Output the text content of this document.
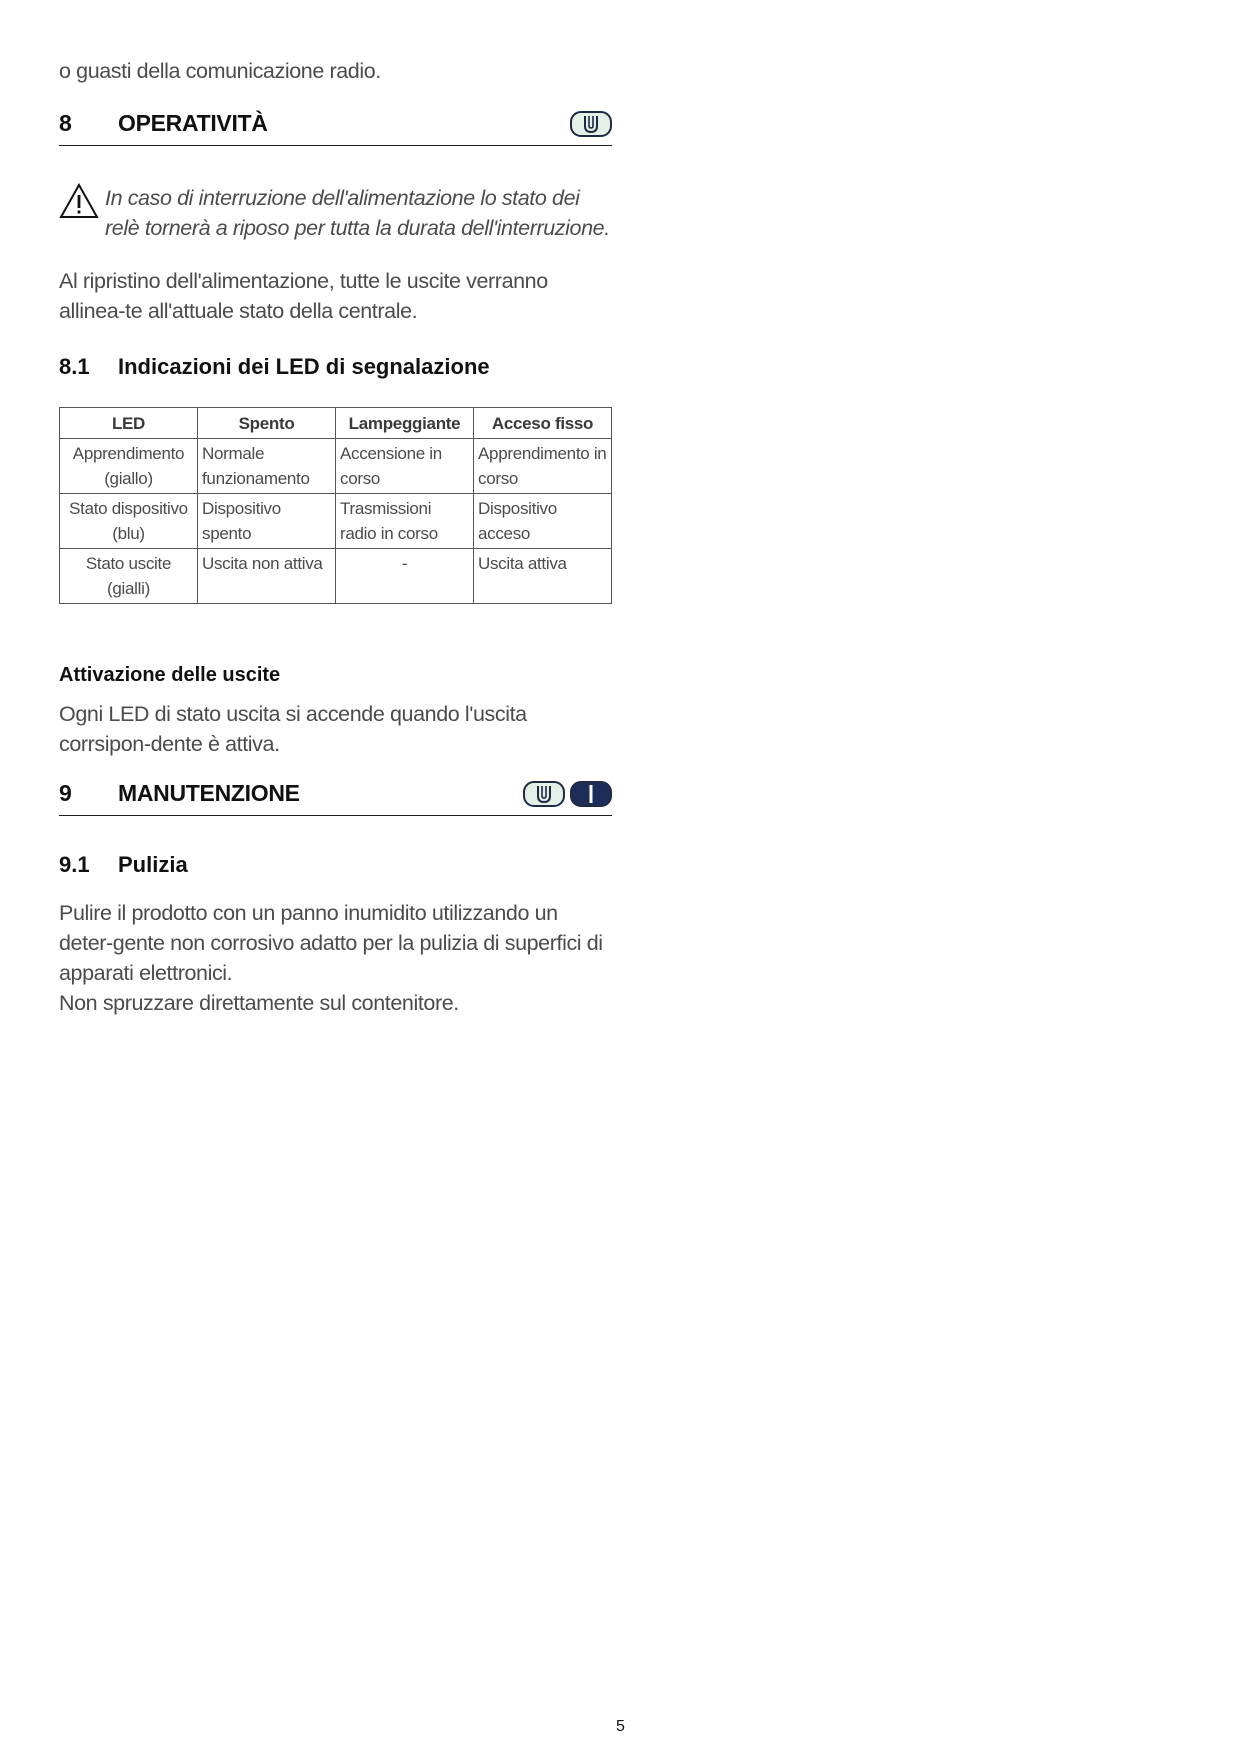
o guasti della comunicazione radio.

8	OPERATIVITÀ

In caso di interruzione dell'alimentazione lo stato dei relè tornerà a riposo per tutta la durata dell'interruzione.

Al ripristino dell'alimentazione, tutte le uscite verranno allinea-te all'attuale stato della centrale.

8.1	Indicazioni dei LED di segnalazione
LED	Spento	Lampeggiante	Acceso fisso
Apprendimento (giallo)	Normale funzionamento	Accensione in corso	Apprendimento in corso
Stato dispositivo (blu)	Dispositivo spento	Trasmissioni radio in corso	Dispositivo acceso
Stato uscite (gialli)	Uscita non attiva	-	Uscita attiva
Attivazione delle uscite

Ogni LED di stato uscita si accende quando l'uscita corrsipon-dente è attiva.

9	MANUTENZIONE
9.1	Pulizia

Pulire il prodotto con un panno inumidito utilizzando un deter-gente non corrosivo adatto per la pulizia di superfici di apparati elettronici.

Non spruzzare direttamente sul contenitore.

5
